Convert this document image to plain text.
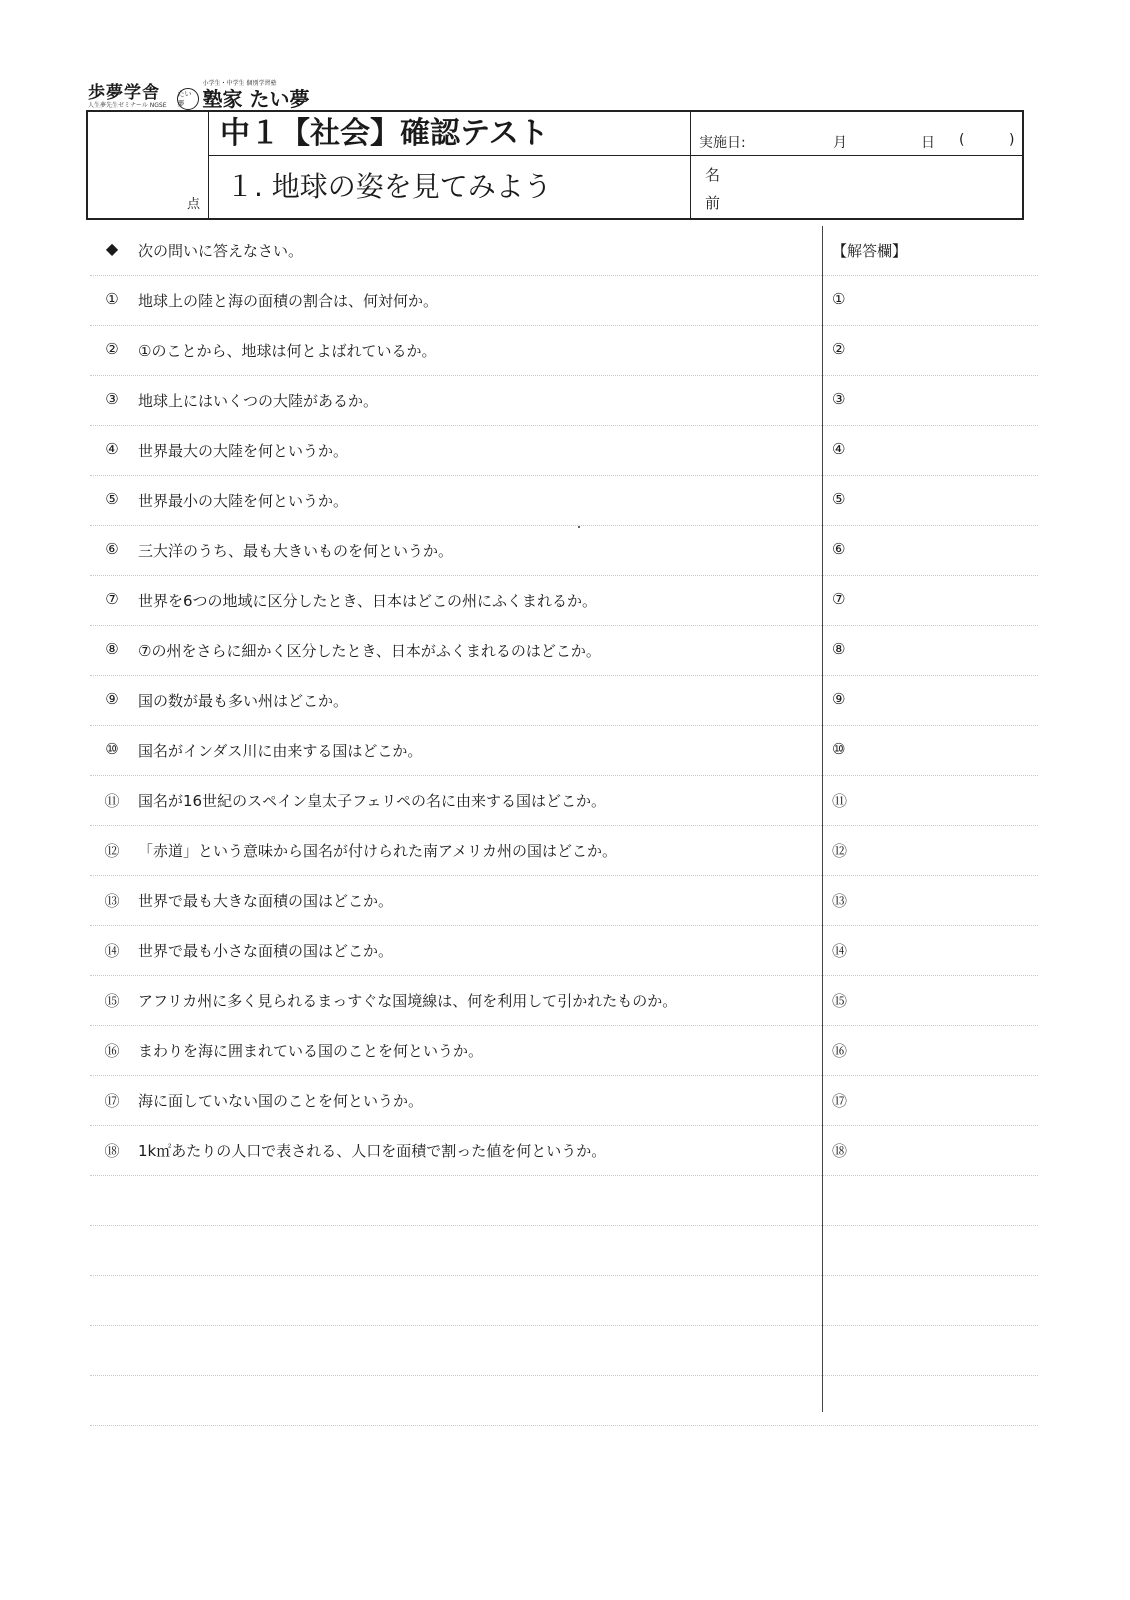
歩夢学舎
人生夢先生ゼミナール NGSE
たい夢
小学生・中学生 個別学習塾
塾家 たい夢
点
中１【社会】確認テスト	実施日:	月	日 (	)
１. 地球の姿を見てみよう	名
前
◆	次の問いに答えなさい。	【解答欄】
①	地球上の陸と海の面積の割合は、何対何か。	①
②	①のことから、地球は何とよばれているか。	②
③	地球上にはいくつの大陸があるか。	③
④	世界最大の大陸を何というか。	④
⑤	世界最小の大陸を何というか。	⑤
⑥	三大洋のうち、最も大きいものを何というか。	⑥
⑦	世界を6つの地域に区分したとき、日本はどこの州にふくまれるか。	⑦
⑧	⑦の州をさらに細かく区分したとき、日本がふくまれるのはどこか。	⑧
⑨	国の数が最も多い州はどこか。	⑨
⑩	国名がインダス川に由来する国はどこか。	⑩
⑪	国名が16世紀のスペイン皇太子フェリペの名に由来する国はどこか。	⑪
⑫	「赤道」という意味から国名が付けられた南アメリカ州の国はどこか。	⑫
⑬	世界で最も大きな面積の国はどこか。	⑬
⑭	世界で最も小さな面積の国はどこか。	⑭
⑮	アフリカ州に多く見られるまっすぐな国境線は、何を利用して引かれたものか。	⑮
⑯	まわりを海に囲まれている国のことを何というか。	⑯
⑰	海に面していない国のことを何というか。	⑰
⑱	1k㎡あたりの人口で表される、人口を面積で割った値を何というか。	⑱
